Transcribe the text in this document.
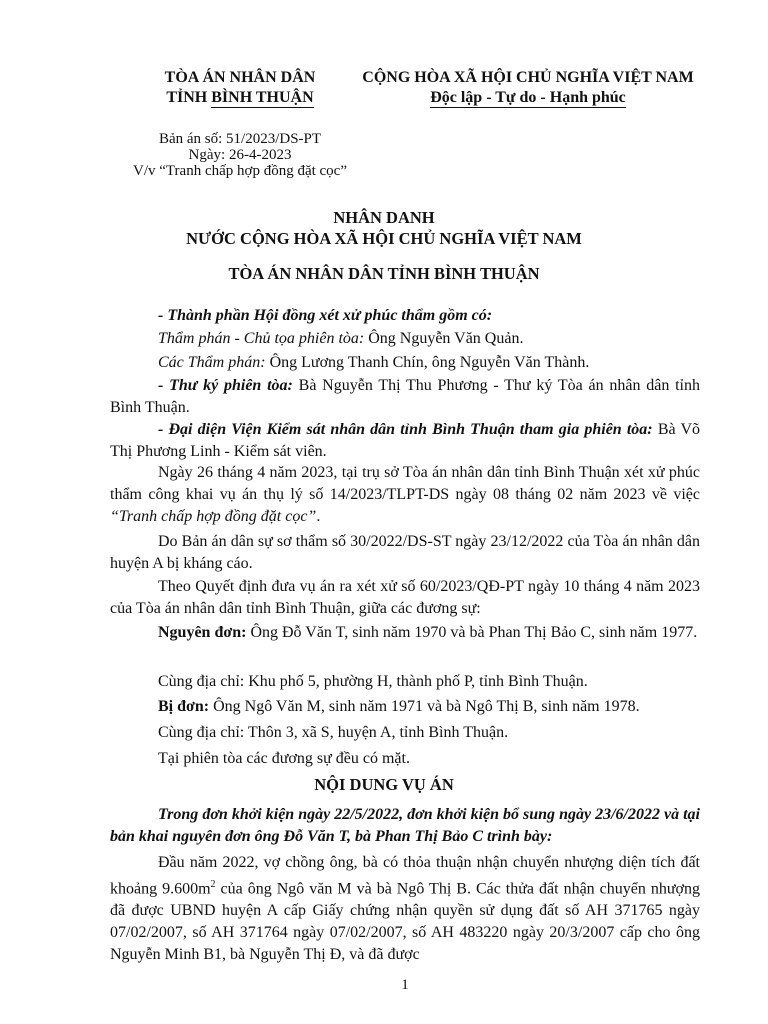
TÒA ÁN NHÂN DÂN
TỈNH BÌNH THUẬN
CỘNG HÒA XÃ HỘI CHỦ NGHĨA VIỆT NAM
Độc lập - Tự do - Hạnh phúc
Bản án số: 51/2023/DS-PT
Ngày: 26-4-2023
V/v “Tranh chấp hợp đồng đặt cọc”
NHÂN DANH
NƯỚC CỘNG HÒA XÃ HỘI CHỦ NGHĨA VIỆT NAM
TÒA ÁN NHÂN DÂN TỈNH BÌNH THUẬN
- Thành phần Hội đồng xét xử phúc thẩm gồm có:
Thẩm phán - Chủ tọa phiên tòa: Ông Nguyễn Văn Quản.
Các Thẩm phán: Ông Lương Thanh Chín, ông Nguyễn Văn Thành.
- Thư ký phiên tòa: Bà Nguyễn Thị Thu Phương - Thư ký Tòa án nhân dân tỉnh Bình Thuận.
- Đại diện Viện Kiểm sát nhân dân tỉnh Bình Thuận tham gia phiên tòa: Bà Võ Thị Phương Linh - Kiểm sát viên.
Ngày 26 tháng 4 năm 2023, tại trụ sở Tòa án nhân dân tỉnh Bình Thuận xét xử phúc thẩm công khai vụ án thụ lý số 14/2023/TLPT-DS ngày 08 tháng 02 năm 2023 về việc “Tranh chấp hợp đồng đặt cọc”.
Do Bản án dân sự sơ thẩm số 30/2022/DS-ST ngày 23/12/2022 của Tòa án nhân dân huyện A bị kháng cáo.
Theo Quyết định đưa vụ án ra xét xử số 60/2023/QĐ-PT ngày 10 tháng 4 năm 2023 của Tòa án nhân dân tỉnh Bình Thuận, giữa các đương sự:
Nguyên đơn: Ông Đỗ Văn T, sinh năm 1970 và bà Phan Thị Bảo C, sinh năm 1977.
Cùng địa chỉ: Khu phố 5, phường H, thành phố P, tỉnh Bình Thuận.
Bị đơn: Ông Ngô Văn M, sinh năm 1971 và bà Ngô Thị B, sinh năm 1978.
Cùng địa chỉ: Thôn 3, xã S, huyện A, tỉnh Bình Thuận.
Tại phiên tòa các đương sự đều có mặt.
NỘI DUNG VỤ ÁN
Trong đơn khởi kiện ngày 22/5/2022, đơn khởi kiện bổ sung ngày 23/6/2022 và tại bản khai nguyên đơn ông Đỗ Văn T, bà Phan Thị Bảo C trình bày:
Đầu năm 2022, vợ chồng ông, bà có thỏa thuận nhận chuyển nhượng diện tích đất khoảng $9.600m^2$ của ông Ngô văn M và bà Ngô Thị B. Các thửa đất nhận chuyển nhượng đã được UBND huyện A cấp Giấy chứng nhận quyền sử dụng đất số AH 371765 ngày 07/02/2007, số AH 371764 ngày 07/02/2007, số AH 483220 ngày 20/3/2007 cấp cho ông Nguyễn Minh B1, bà Nguyễn Thị Đ, và đã được
1
